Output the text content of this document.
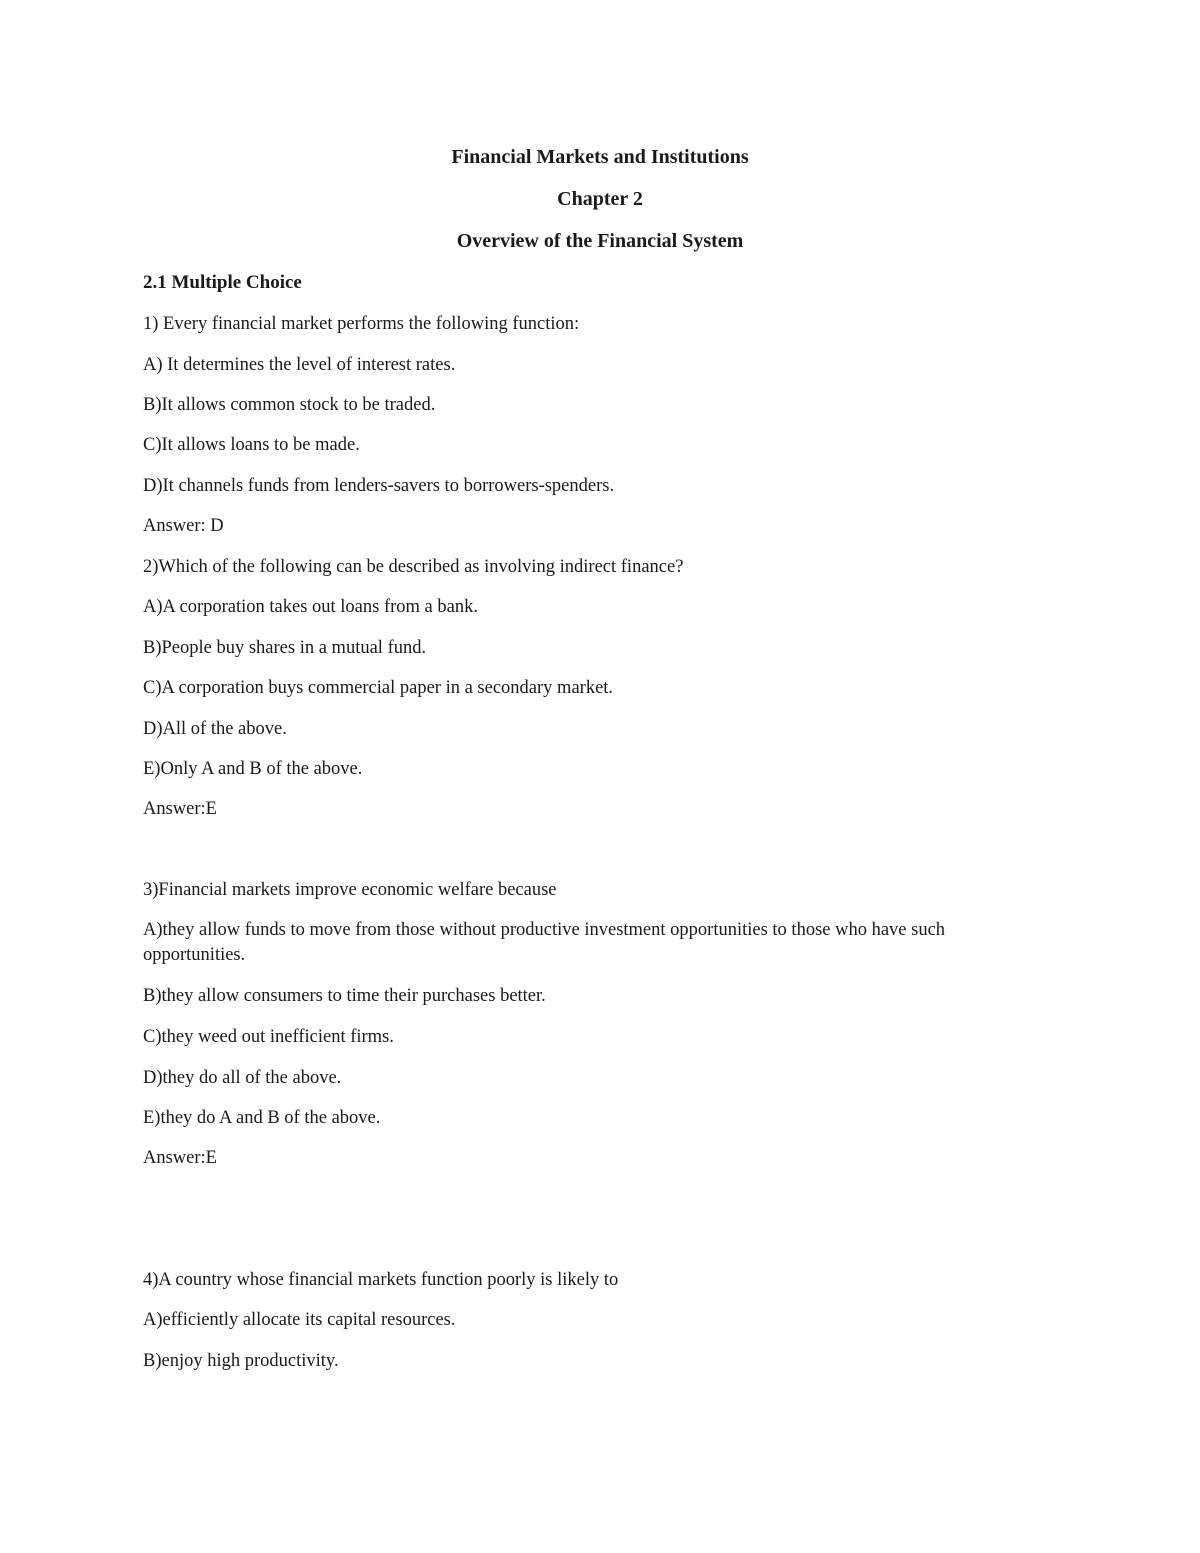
Financial Markets and Institutions
Chapter 2
Overview of the Financial System
2.1 Multiple Choice
1) Every financial market performs the following function:
A) It determines the level of interest rates.
B)It allows common stock to be traded.
C)It allows loans to be made.
D)It channels funds from lenders-savers to borrowers-spenders.
Answer: D
2)Which of the following can be described as involving indirect finance?
A)A corporation takes out loans from a bank.
B)People buy shares in a mutual fund.
C)A corporation buys commercial paper in a secondary market.
D)All of the above.
E)Only A and B of the above.
Answer:E
3)Financial markets improve economic welfare because
A)they allow funds to move from those without productive investment opportunities to those who have such opportunities.
B)they allow consumers to time their purchases better.
C)they weed out inefficient firms.
D)they do all of the above.
E)they do A and B of the above.
Answer:E
4)A country whose financial markets function poorly is likely to
A)efficiently allocate its capital resources.
B)enjoy high productivity.
